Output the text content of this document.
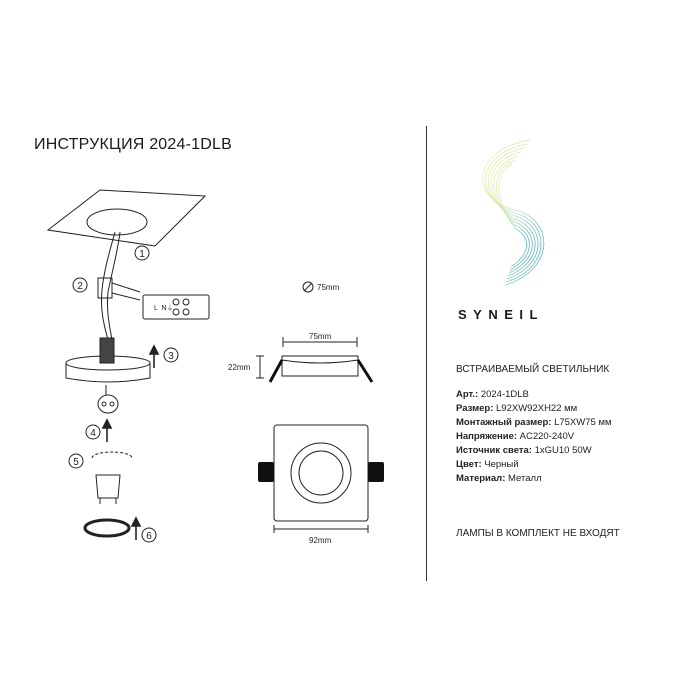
ИНСТРУКЦИЯ 2024-1DLB
SYNEIL
ВСТРАИВАЕМЫЙ СВЕТИЛЬНИК
Арт.: 2024-1DLB
Размер: L92XW92XH22 мм
Монтажный размер: L75XW75 мм
Напряжение: AC220-240V
Источник света: 1xGU10 50W
Цвет: Черный
Материал: Металл
ЛАМПЫ В КОМПЛЕКТ НЕ ВХОДЯТ
1
2
3
4
5
6
L N ⏚
75mm
75mm
22mm
92mm
